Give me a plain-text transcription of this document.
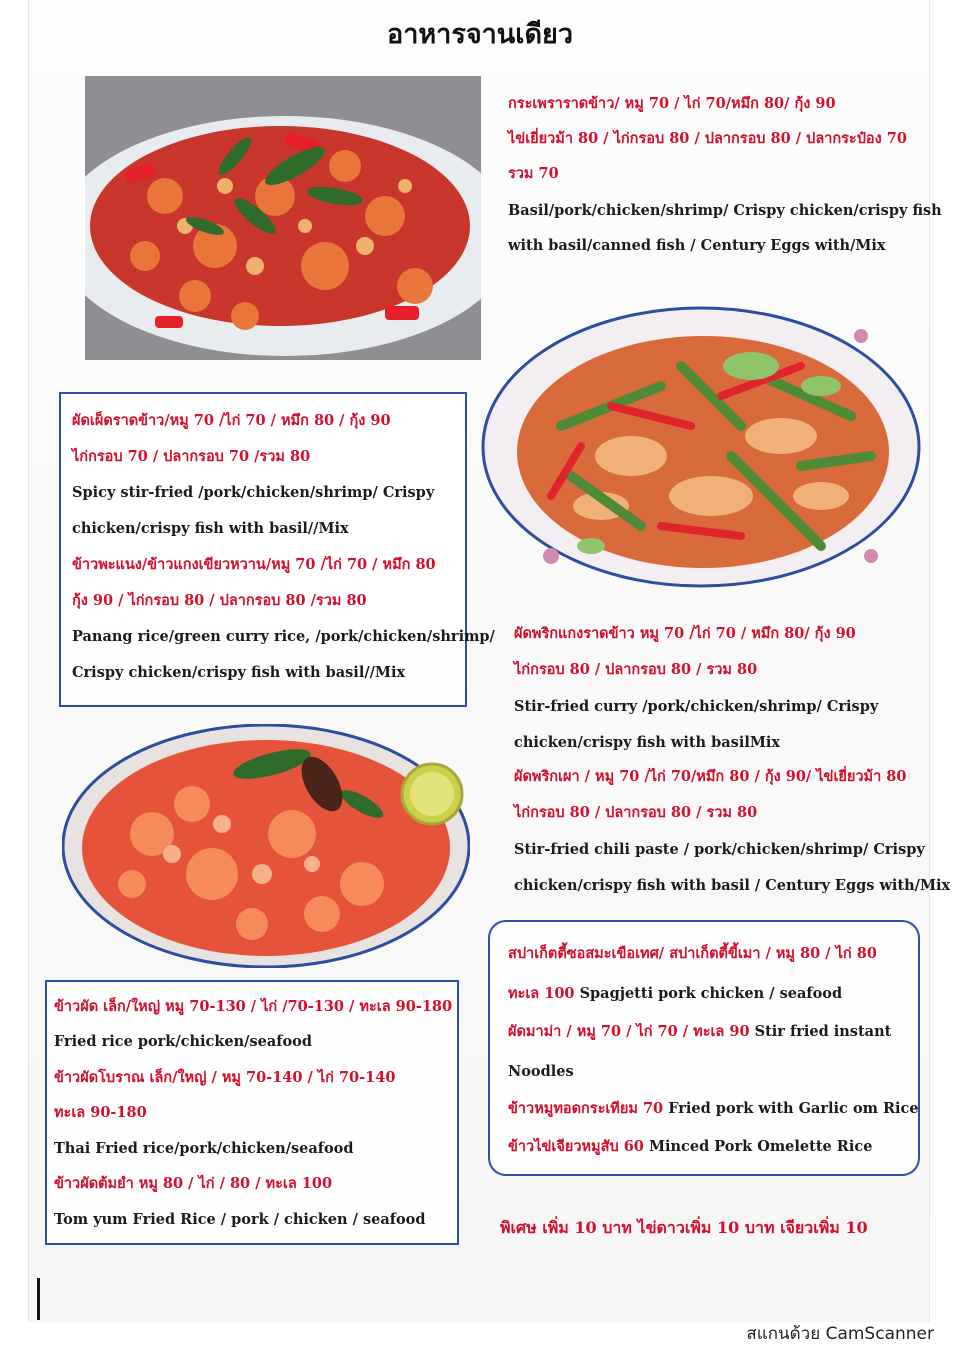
อาหารจานเดียว
กระเพราราดข้าว/ หมู 70 / ไก่ 70/หมึก 80/ กุ้ง 90
ไข่เยี่ยวม้า 80 / ไก่กรอบ 80 / ปลากรอบ 80 / ปลากระป๋อง 70
รวม 70
Basil/pork/chicken/shrimp/ Crispy chicken/crispy fish
with basil/canned fish / Century Eggs with/Mix
ผัดเผ็ดราดข้าว/หมู 70 /ไก่ 70 / หมึก 80 / กุ้ง 90
ไก่กรอบ 70 / ปลากรอบ 70 /รวม 80
Spicy stir-fried /pork/chicken/shrimp/ Crispy
chicken/crispy fish with basil//Mix
ข้าวพะแนง/ข้าวแกงเขียวหวาน/หมู 70 /ไก่ 70 / หมึก 80
กุ้ง 90 / ไก่กรอบ 80 / ปลากรอบ 80 /รวม 80
Panang rice/green curry rice, /pork/chicken/shrimp/
Crispy chicken/crispy fish with basil//Mix
ผัดพริกแกงราดข้าว หมู 70 /ไก่ 70 / หมึก 80/ กุ้ง 90
ไก่กรอบ 80 / ปลากรอบ 80 / รวม 80
Stir-fried curry /pork/chicken/shrimp/ Crispy
chicken/crispy fish with basilMix
ผัดพริกเผา / หมู 70 /ไก่ 70/หมึก 80 / กุ้ง 90/ ไข่เยี่ยวม้า 80
ไก่กรอบ 80 / ปลากรอบ 80 / รวม 80
Stir-fried chili paste / pork/chicken/shrimp/ Crispy
chicken/crispy fish with basil / Century Eggs with/Mix
ข้าวผัด เล็ก/ใหญ่ หมู 70-130 / ไก่ /70-130 / ทะเล 90-180
Fried rice pork/chicken/seafood
ข้าวผัดโบราณ เล็ก/ใหญ่ / หมู 70-140 / ไก่ 70-140
ทะเล 90-180
Thai Fried rice/pork/chicken/seafood
ข้าวผัดต้มยำ หมู 80 / ไก่ / 80 / ทะเล 100
Tom yum Fried Rice / pork / chicken / seafood
สปาเก็ตตี้ซอสมะเขือเทศ/ สปาเก็ตตี้ขี้เมา / หมู 80 / ไก่ 80
ทะเล 100 Spagjetti pork chicken / seafood
ผัดมาม่า / หมู 70 / ไก่ 70 / ทะเล 90 Stir fried instant
Noodles
ข้าวหมูทอดกระเทียม 70 Fried pork with Garlic om Rice
ข้าวไข่เจียวหมูสับ 60 Minced Pork Omelette Rice
พิเศษ เพิ่ม 10 บาท ไข่ดาวเพิ่ม 10 บาท เจียวเพิ่ม 10
สแกนด้วย CamScanner
